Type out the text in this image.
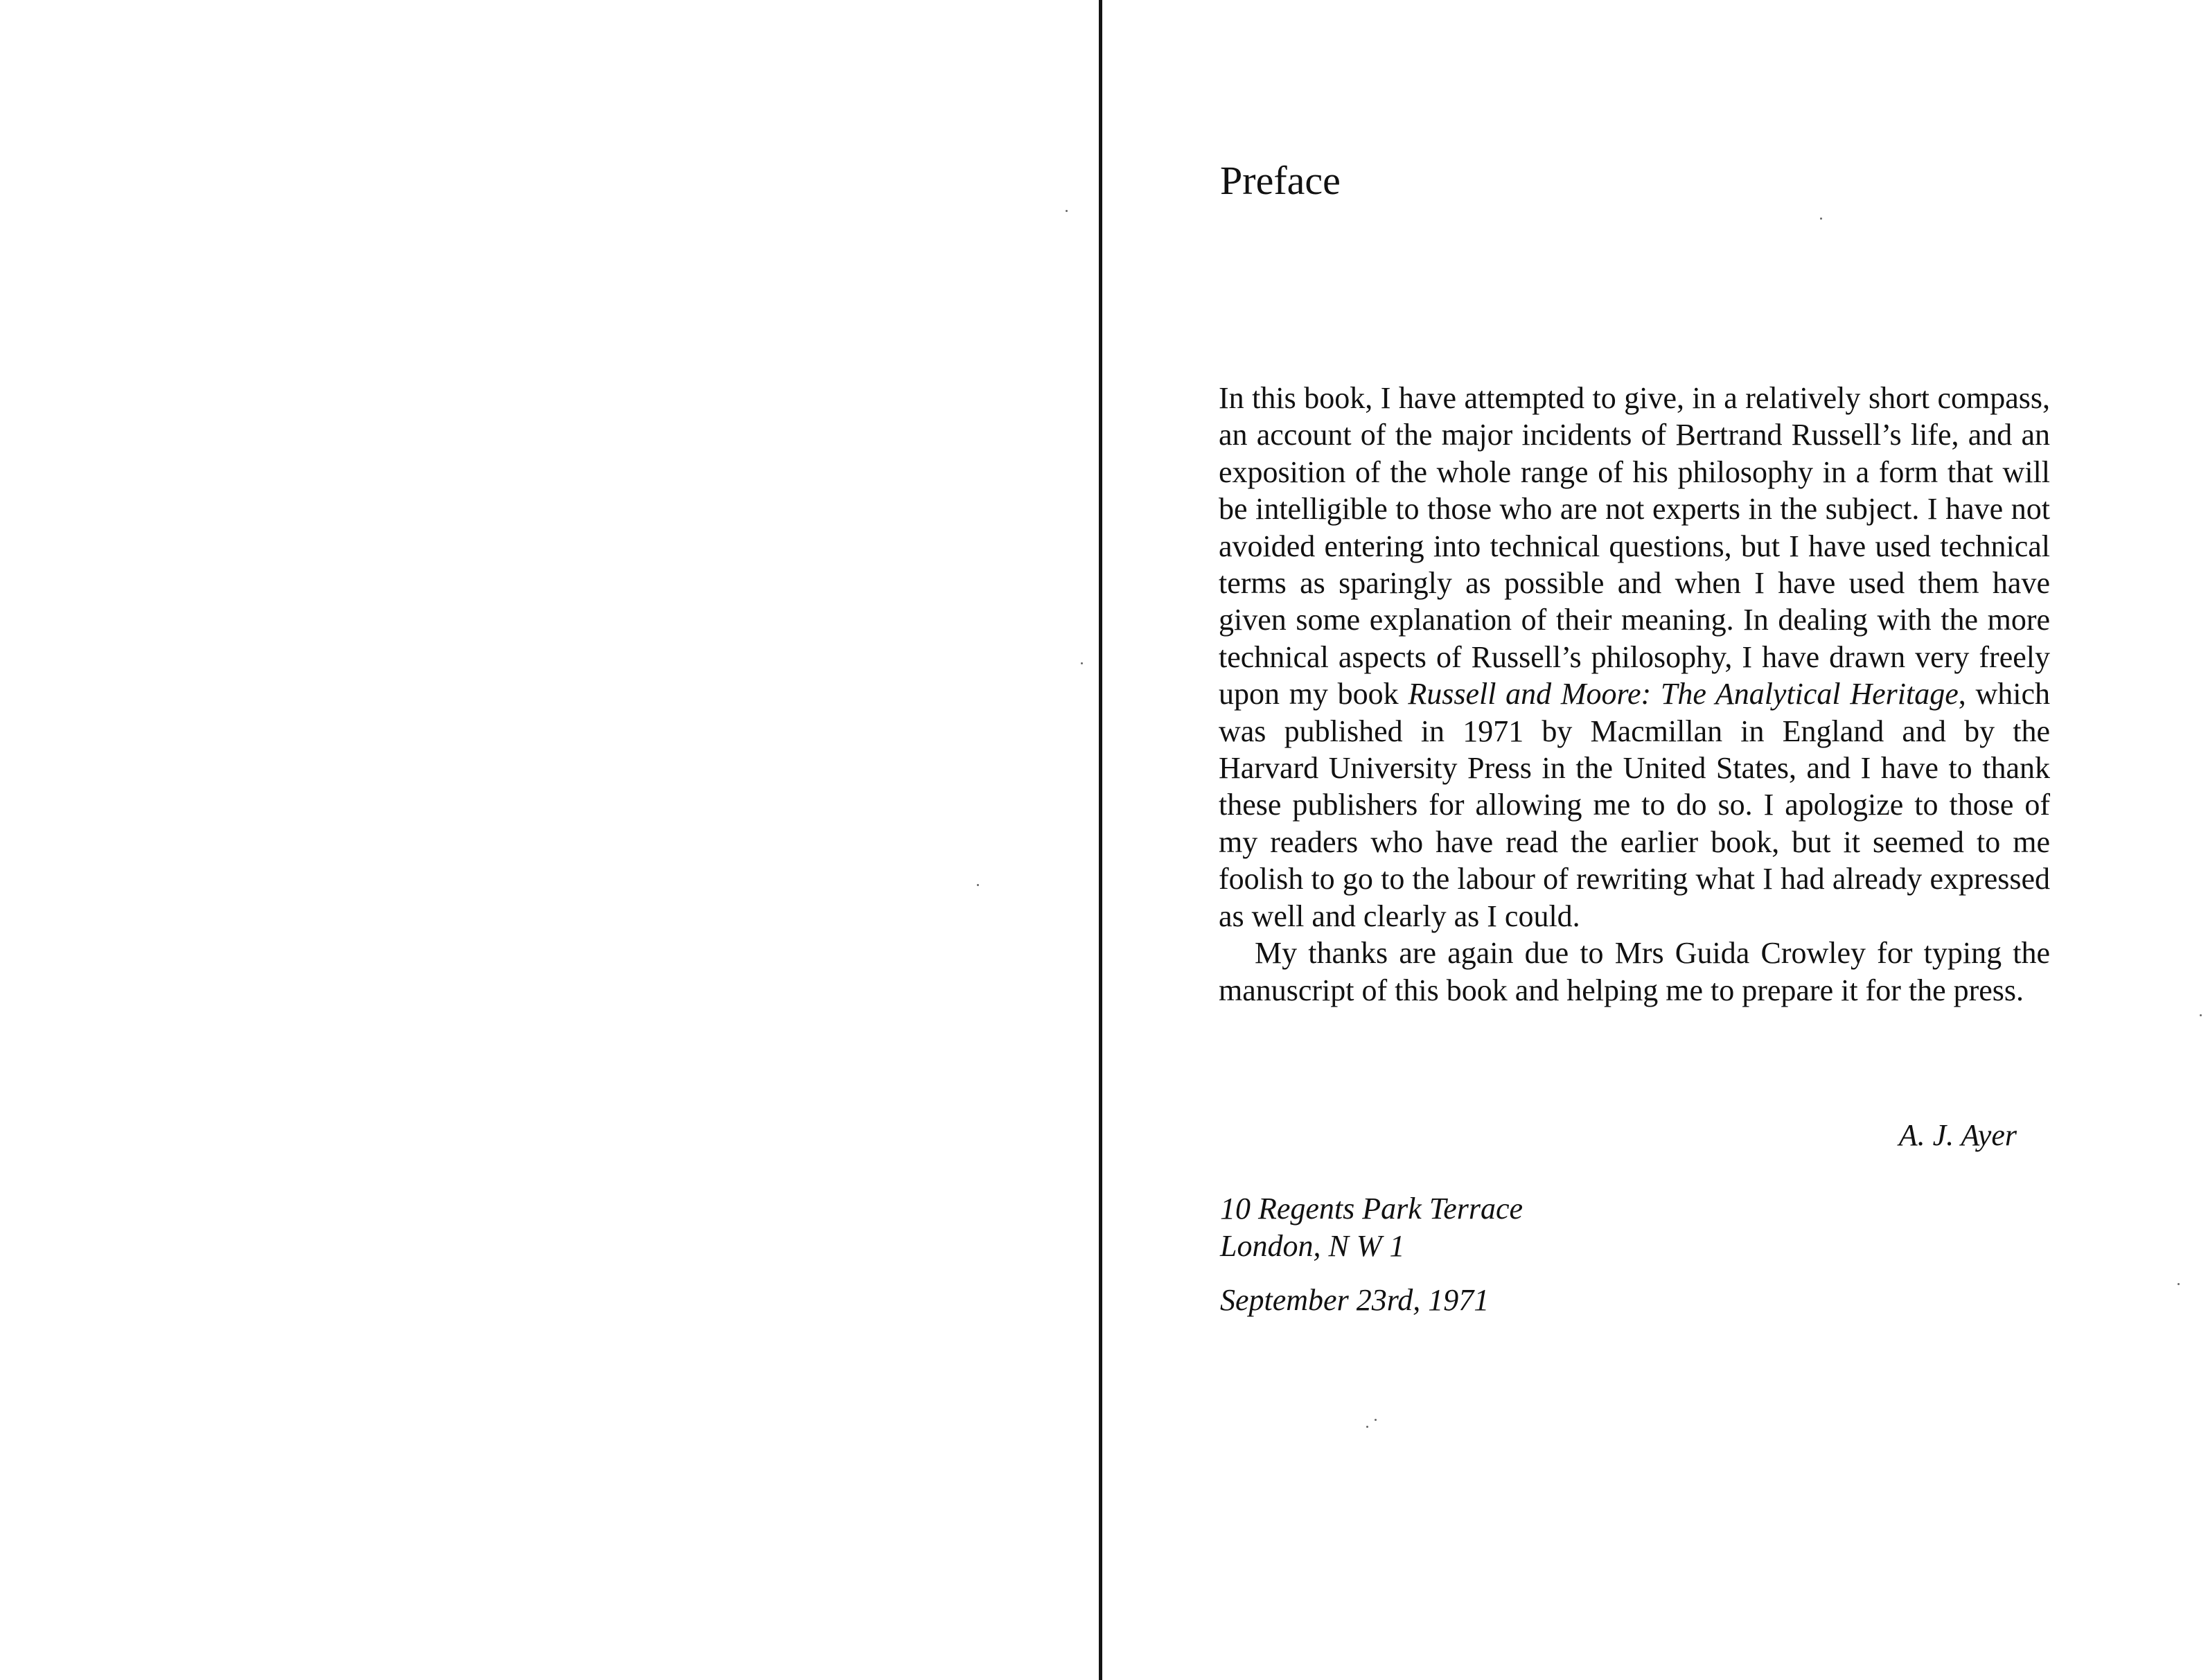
Preface

In this book, I have attempted to give, in a relatively short compass, an account of the major incidents of Bertrand Russell’s life, and an exposition of the whole range of his philosophy in a form that will be intelligible to those who are not experts in the subject. I have not avoided entering into technical questions, but I have used technical terms as sparingly as possible and when I have used them have given some explanation of their meaning. In dealing with the more technical aspects of Russell’s philosophy, I have drawn very freely upon my book Russell and Moore: The Analytical Heritage, which was published in 1971 by Macmillan in England and by the Harvard University Press in the United States, and I have to thank these publishers for allowing me to do so. I apologize to those of my readers who have read the earlier book, but it seemed to me foolish to go to the labour of rewriting what I had already expressed as well and clearly as I could.

My thanks are again due to Mrs Guida Crowley for typing the manuscript of this book and helping me to prepare it for the press.

A. J. Ayer
10 Regents Park Terrace
London, N W 1
September 23rd, 1971
